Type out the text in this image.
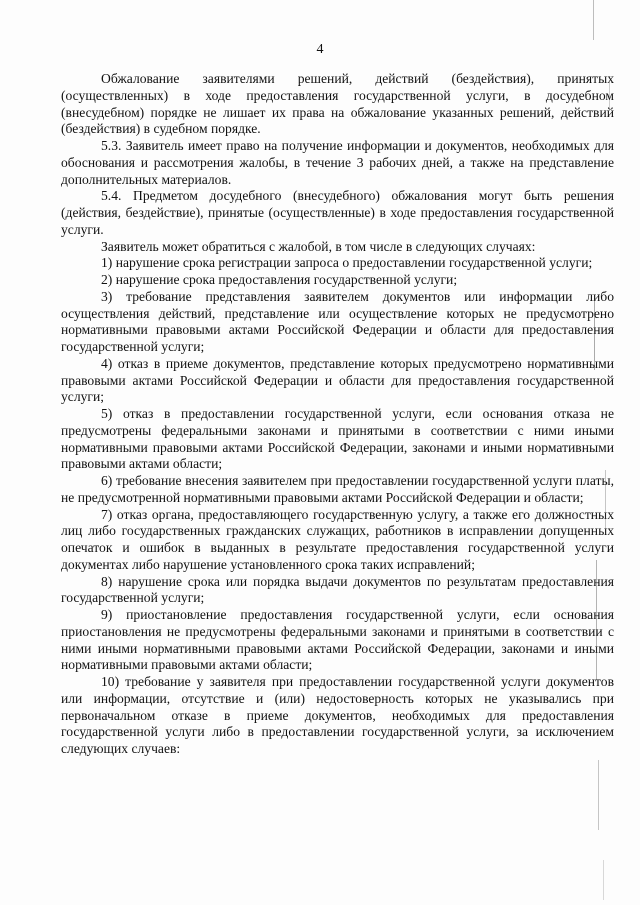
4

Обжалование заявителями решений, действий (бездействия), принятых (осуществленных) в ходе предоставления государственной услуги, в досудебном (внесудебном) порядке не лишает их права на обжалование указанных решений, действий (бездействия) в судебном порядке.

5.3. Заявитель имеет право на получение информации и документов, необходимых для обоснования и рассмотрения жалобы, в течение 3 рабочих дней, а также на представление дополнительных материалов.

5.4. Предметом досудебного (внесудебного) обжалования могут быть решения (действия, бездействие), принятые (осуществленные) в ходе предоставления государственной услуги.

Заявитель может обратиться с жалобой, в том числе в следующих случаях:

1) нарушение срока регистрации запроса о предоставлении государственной услуги;

2) нарушение срока предоставления государственной услуги;

3) требование представления заявителем документов или информации либо осуществления действий, представление или осуществление которых не предусмотрено нормативными правовыми актами Российской Федерации и области для предоставления государственной услуги;

4) отказ в приеме документов, представление которых предусмотрено нормативными правовыми актами Российской Федерации и области для предоставления государственной услуги;

5) отказ в предоставлении государственной услуги, если основания отказа не предусмотрены федеральными законами и принятыми в соответствии с ними иными нормативными правовыми актами Российской Федерации, законами и иными нормативными правовыми актами области;

6) требование внесения заявителем при предоставлении государственной услуги платы, не предусмотренной нормативными правовыми актами Российской Федерации и области;

7) отказ органа, предоставляющего государственную услугу, а также его должностных лиц либо государственных гражданских служащих, работников в исправлении допущенных опечаток и ошибок в выданных в результате предоставления государственной услуги документах либо нарушение установленного срока таких исправлений;

8) нарушение срока или порядка выдачи документов по результатам предоставления государственной услуги;

9) приостановление предоставления государственной услуги, если основания приостановления не предусмотрены федеральными законами и принятыми в соответствии с ними иными нормативными правовыми актами Российской Федерации, законами и иными нормативными правовыми актами области;

10) требование у заявителя при предоставлении государственной услуги документов или информации, отсутствие и (или) недостоверность которых не указывались при первоначальном отказе в приеме документов, необходимых для предоставления государственной услуги либо в предоставлении государственной услуги, за исключением следующих случаев:
